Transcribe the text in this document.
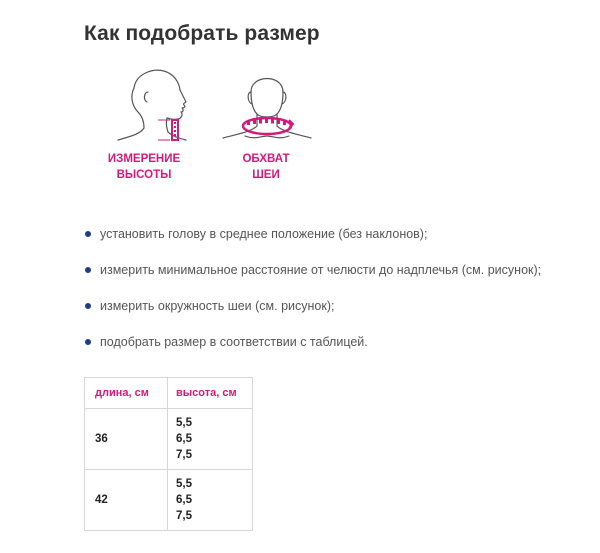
Как подобрать размер
ИЗМЕРЕНИЕ
ВЫСОТЫ
ОБХВАТ
ШЕИ
установить голову в среднее положение (без наклонов);
измерить минимальное расстояние от челюсти до надплечья (см. рисунок);
измерить окружность шеи (см. рисунок);
подобрать размер в соответствии с таблицей.
длина, см	высота, см
36	5,5
6,5
7,5

42	5,5
6,5
7,5
